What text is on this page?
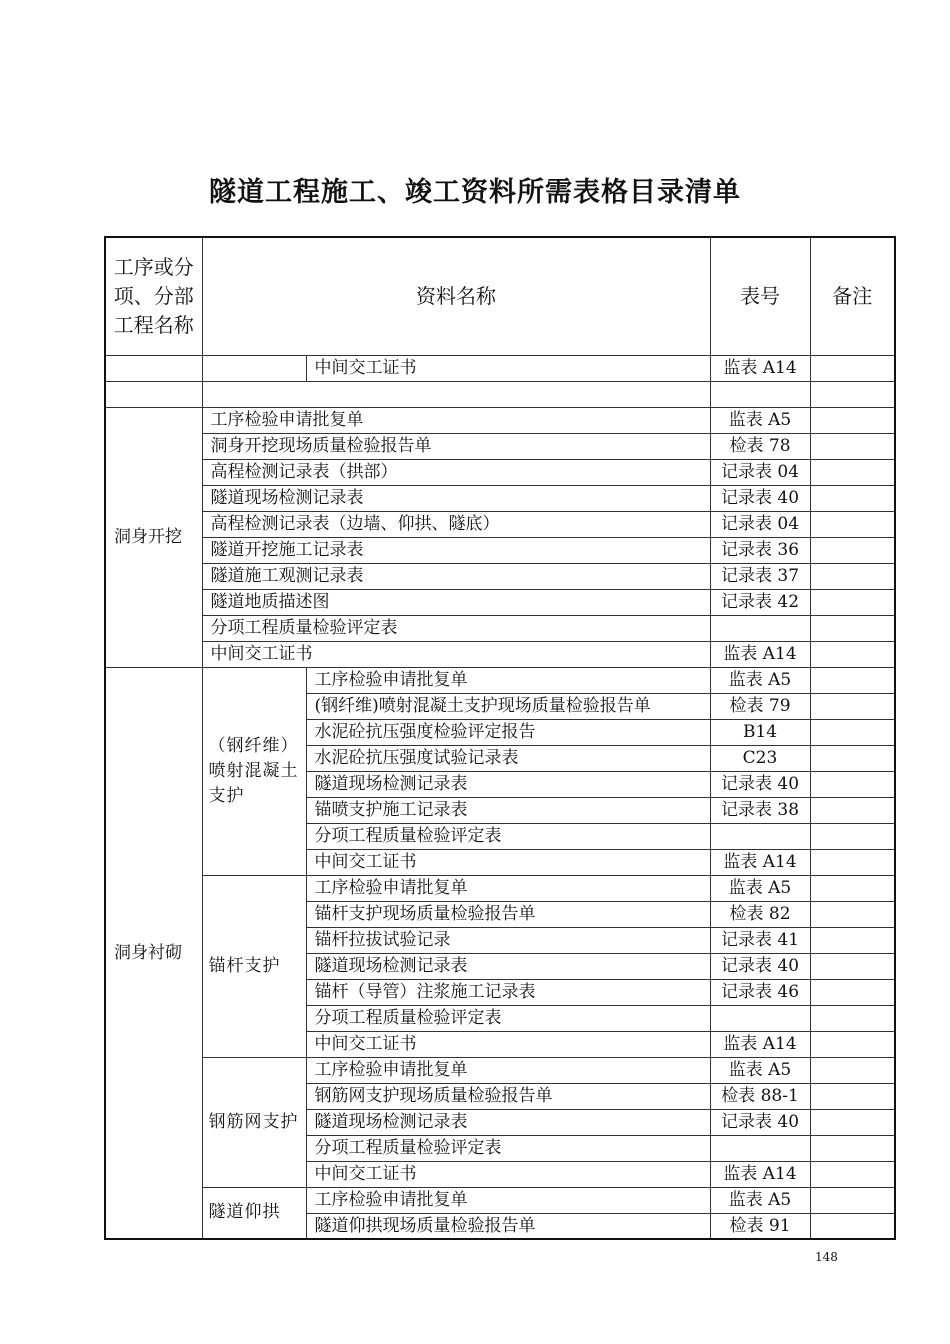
隧道工程施工、竣工资料所需表格目录清单
工序或分项、分部工程名称	资料名称		表号	备注
		中间交工证书	监表 A14	

洞身开挖	工序检验申请批复单		监表 A5	
	洞身开挖现场质量检验报告单		检表 78	
	高程检测记录表（拱部）		记录表 04	
	隧道现场检测记录表		记录表 40	
	高程检测记录表（边墙、仰拱、隧底）		记录表 04	
	隧道开挖施工记录表		记录表 36	
	隧道施工观测记录表		记录表 37	
	隧道地质描述图		记录表 42	
	分项工程质量检验评定表			
	中间交工证书		监表 A14	
洞身衬砌	（钢纤维）喷射混凝土支护	工序检验申请批复单	监表 A5	
		(钢纤维)喷射混凝土支护现场质量检验报告单	检表 79	
		水泥砼抗压强度检验评定报告	B14	
		水泥砼抗压强度试验记录表	C23	
		隧道现场检测记录表	记录表 40	
		锚喷支护施工记录表	记录表 38	
		分项工程质量检验评定表		
		中间交工证书	监表 A14	
	锚杆支护	工序检验申请批复单	监表 A5	
		锚杆支护现场质量检验报告单	检表 82	
		锚杆拉拔试验记录	记录表 41	
		隧道现场检测记录表	记录表 40	
		锚杆（导管）注浆施工记录表	记录表 46	
		分项工程质量检验评定表		
		中间交工证书	监表 A14	
	钢筋网支护	工序检验申请批复单	监表 A5	
		钢筋网支护现场质量检验报告单	检表 88-1	
		隧道现场检测记录表	记录表 40	
		分项工程质量检验评定表		
		中间交工证书	监表 A14	
	隧道仰拱	工序检验申请批复单	监表 A5	
		隧道仰拱现场质量检验报告单	检表 91	
148
